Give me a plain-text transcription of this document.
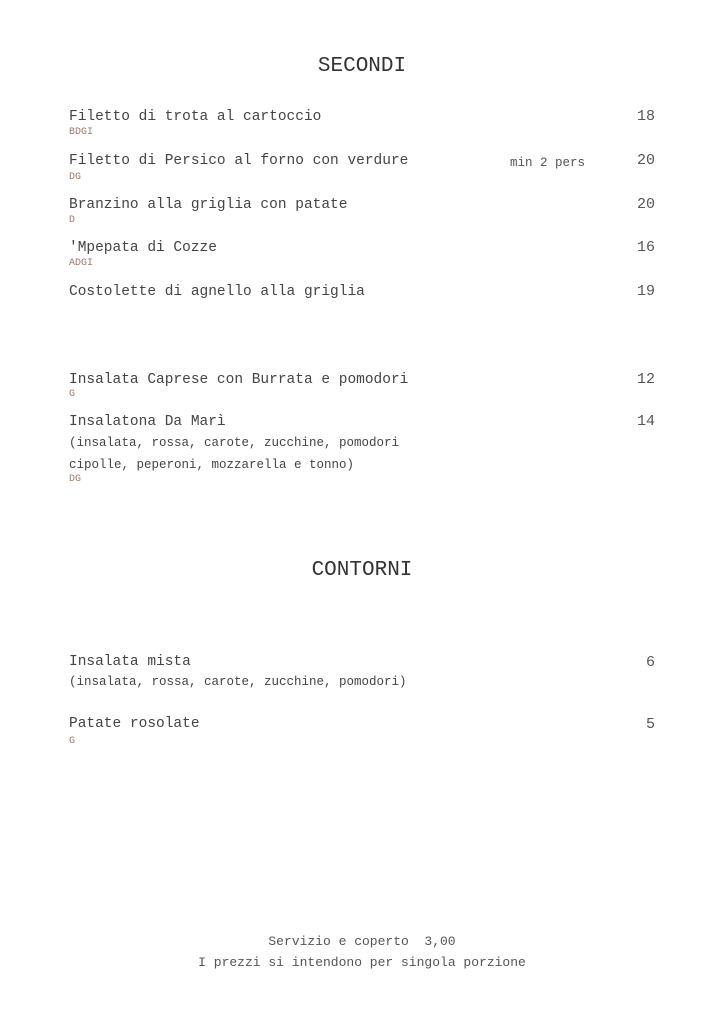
SECONDI
Filetto di trota al cartoccio
BDGI
18
Filetto di Persico al forno con verdure	min 2 pers
DG
20
Branzino alla griglia con patate
D
20
'Mpepata di Cozze
ADGI
16
Costolette di agnello alla griglia	19
Insalata Caprese con Burrata e pomodori
G
12
Insalatona Da Marì
(insalata, rossa, carote, zucchine, pomodori
cipolle, peperoni, mozzarella e tonno)
DG
14
CONTORNI
Insalata mista
(insalata, rossa, carote, zucchine, pomodori)
6
Patate rosolate
G
5
Servizio e coperto  3,00
I prezzi si intendono per singola porzione
